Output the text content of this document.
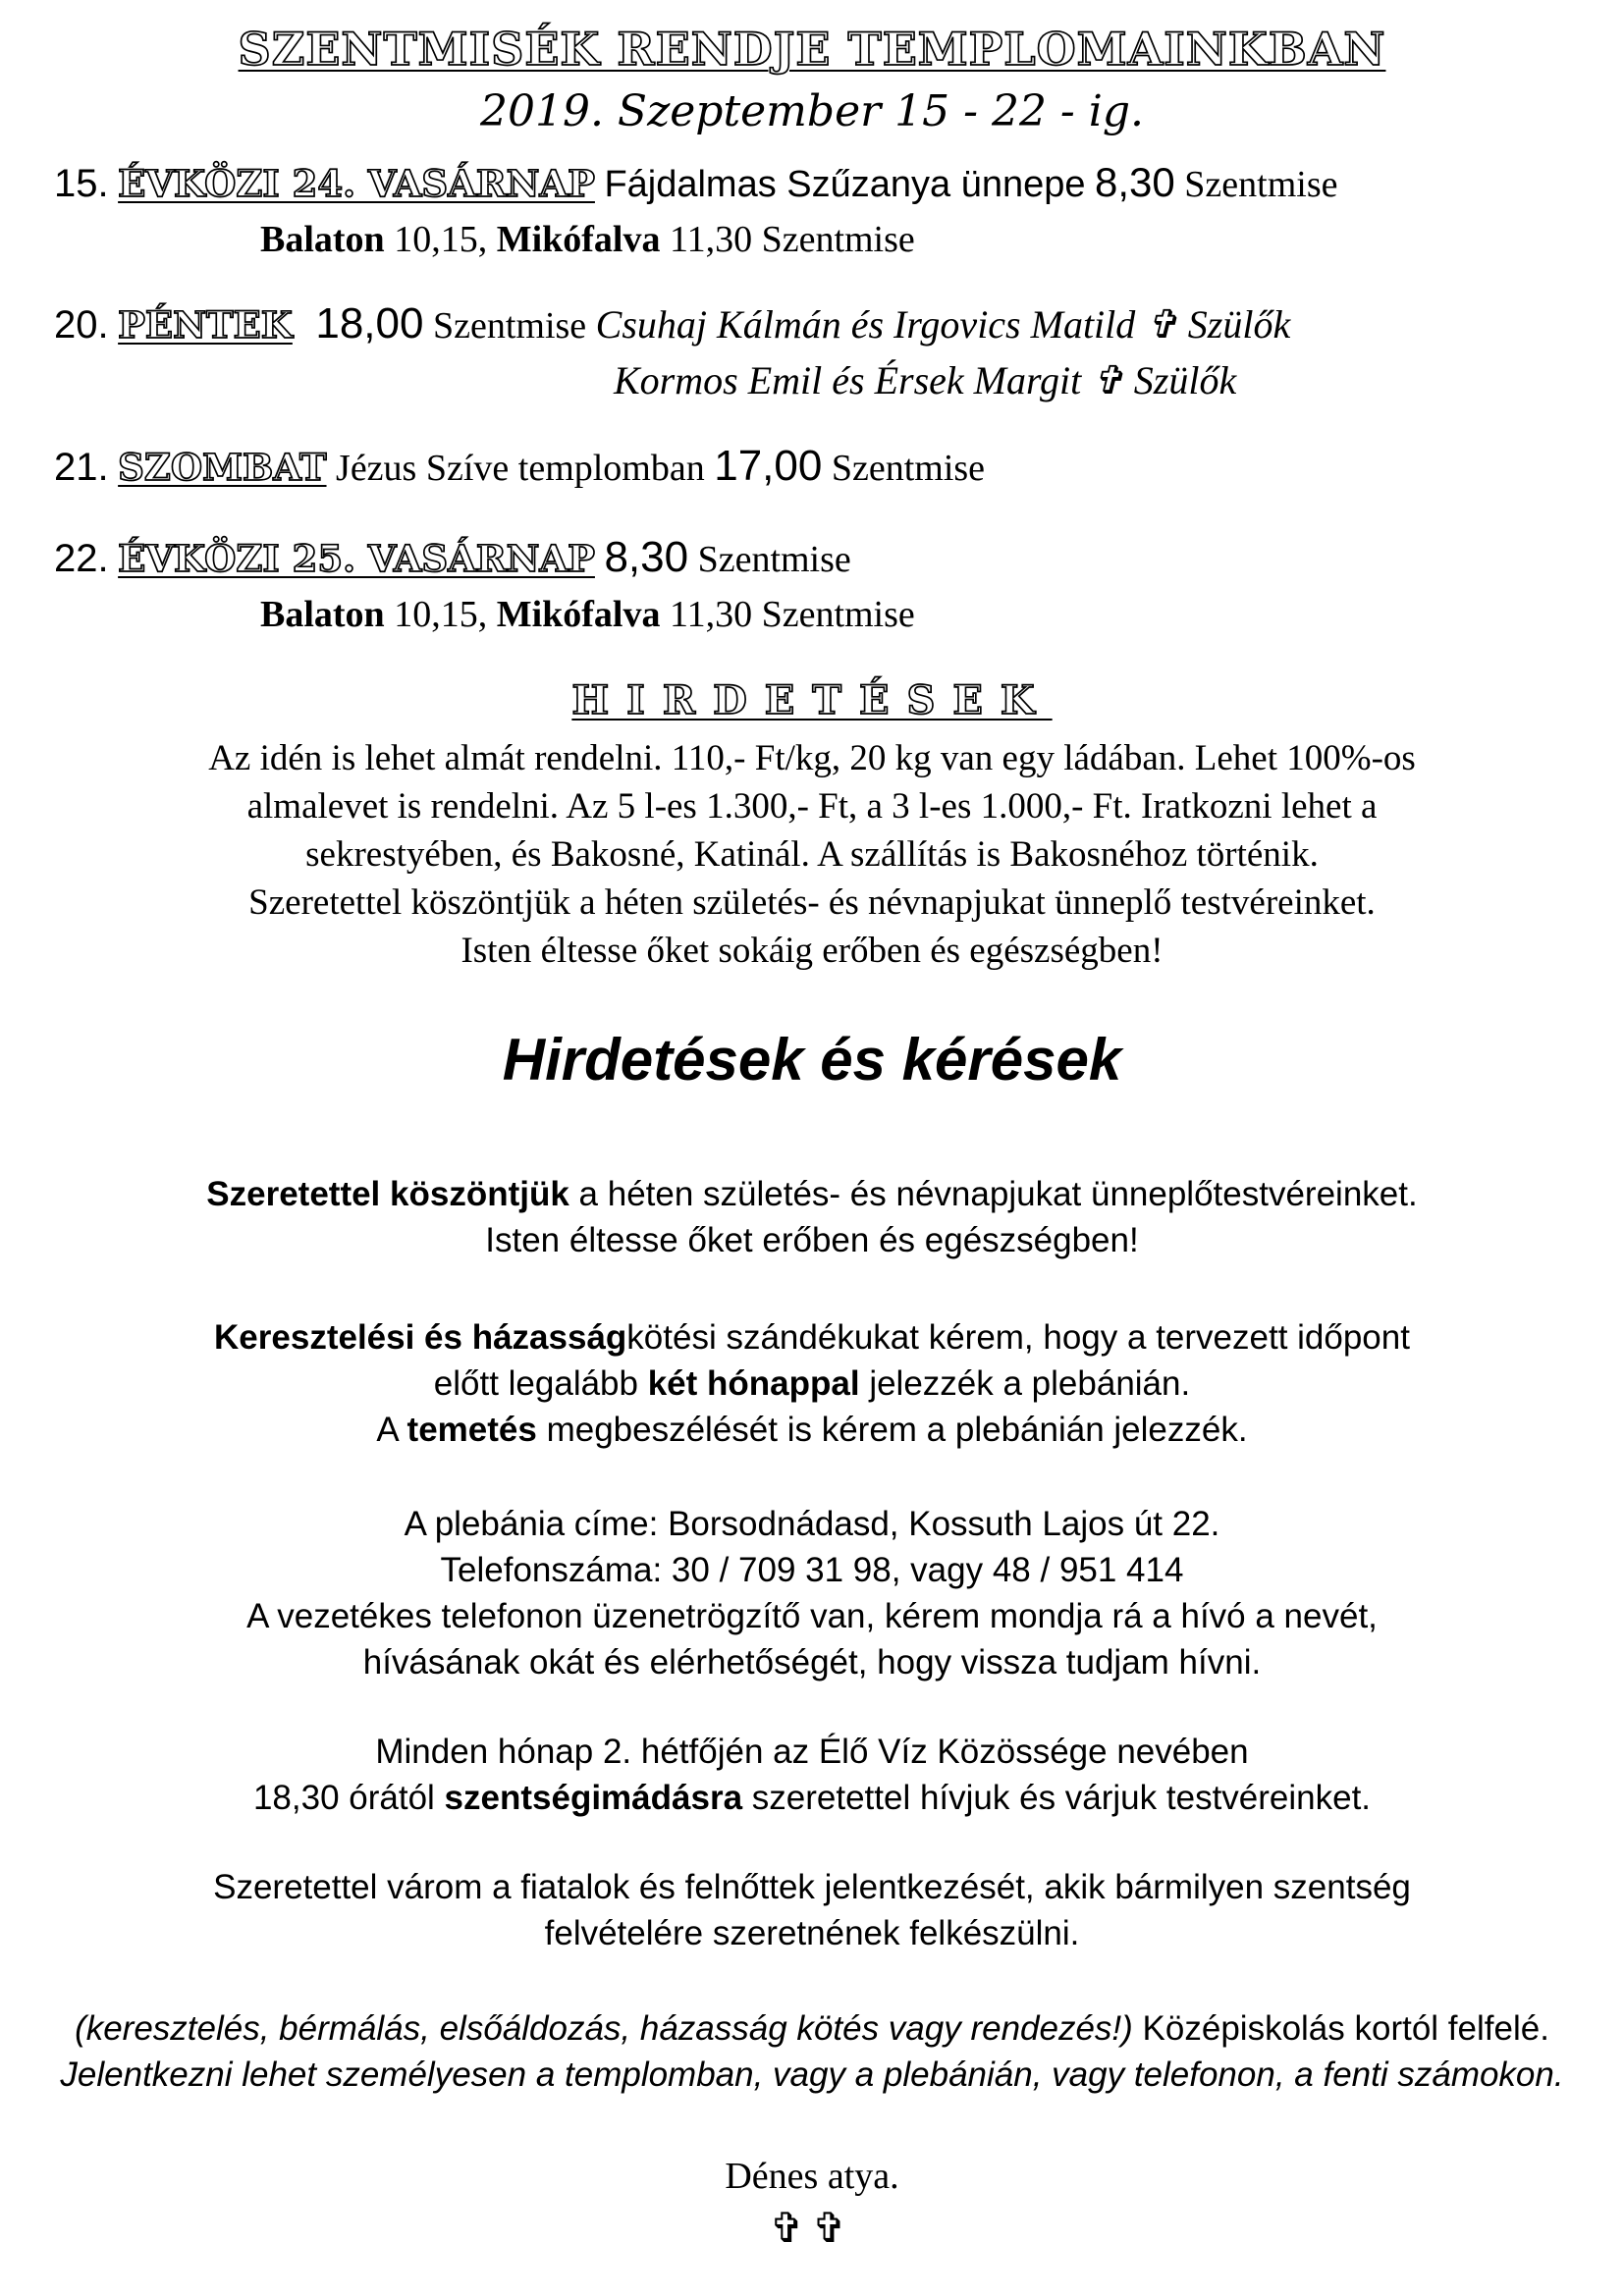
SZENTMISÉK RENDJE TEMPLOMAINKBAN
2019. Szeptember 15 - 22 - ig.
15. ÉVKÖZI 24. VASÁRNAP Fájdalmas Szűzanya ünnepe 8,30 Szentmise
Balaton 10,15, Mikófalva 11,30 Szentmise
20. PÉNTEK 18,00 Szentmise Csuhaj Kálmán és Irgovics Matild ✞ Szülők
Kormos Emil és Érsek Margit ✞ Szülők
21. SZOMBAT Jézus Szíve templomban 17,00 Szentmise
22. ÉVKÖZI 25. VASÁRNAP 8,30 Szentmise
Balaton 10,15, Mikófalva 11,30 Szentmise
HIRDETÉSEK
Az idén is lehet almát rendelni. 110,- Ft/kg, 20 kg van egy ládában. Lehet 100%-os
almalevet is rendelni. Az 5 l-es 1.300,- Ft, a 3 l-es 1.000,- Ft. Iratkozni lehet a
sekrestyében, és Bakosné, Katinál. A szállítás is Bakosnéhoz történik.
Szeretettel köszöntjük a héten születés- és névnapjukat ünneplő testvéreinket.
Isten éltesse őket sokáig erőben és egészségben!
Hirdetések és kérések
Szeretettel köszöntjük a héten születés- és névnapjukat ünneplőtestvéreinket.
Isten éltesse őket erőben és egészségben!
Keresztelési és házasságkötési szándékukat kérem, hogy a tervezett időpont
előtt legalább két hónappal jelezzék a plebánián.
A temetés megbeszélését is kérem a plebánián jelezzék.
A plebánia címe: Borsodnádasd, Kossuth Lajos út 22.
Telefonszáma: 30 / 709 31 98, vagy 48 / 951 414
A vezetékes telefonon üzenetrögzítő van, kérem mondja rá a hívó a nevét,
hívásának okát és elérhetőségét, hogy vissza tudjam hívni.
Minden hónap 2. hétfőjén az Élő Víz Közössége nevében
18,30 órától szentségimádásra szeretettel hívjuk és várjuk testvéreinket.
Szeretettel várom a fiatalok és felnőttek jelentkezését, akik bármilyen szentség
felvételére szeretnének felkészülni.
(keresztelés, bérmálás, elsőáldozás, házasság kötés vagy rendezés!) Középiskolás kortól felfelé.
Jelentkezni lehet személyesen a templomban, vagy a plebánián, vagy telefonon, a fenti számokon.
Dénes atya.
✞✞
